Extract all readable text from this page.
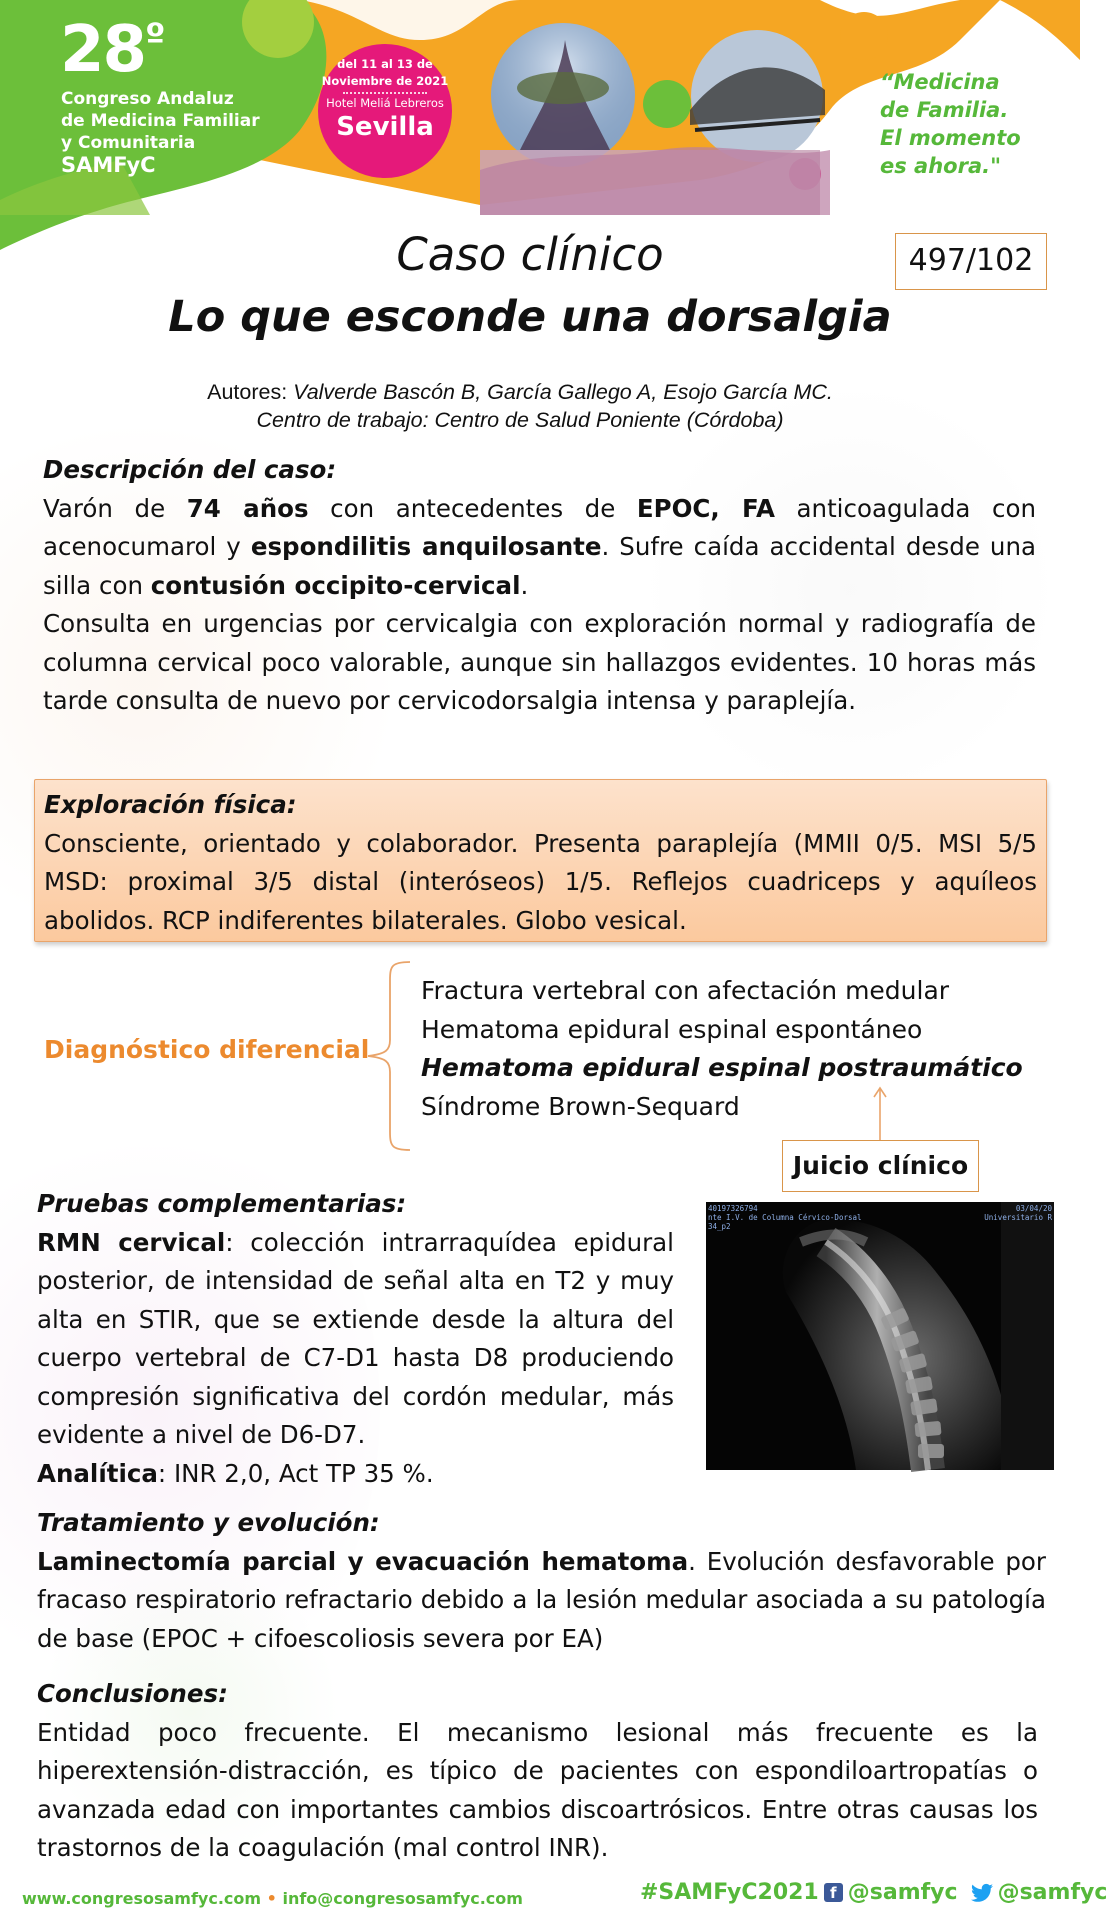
$28^º$
Congreso Andaluz
de Medicina Familiar
y Comunitaria
SAMFyC
del 11 al 13 de
Noviembre de 2021
Hotel Meliá Lebreros
Sevilla
“Medicina
de Familia.
El momento
es ahora."
Caso clínico
Lo que esconde una dorsalgia
497/102
Autores: Valverde Bascón B, García Gallego A, Esojo García MC.
Centro de trabajo: Centro de Salud Poniente (Córdoba)
Descripción del caso:

Varón de 74 años con antecedentes de EPOC, FA anticoagulada con acenocumarol y espondilitis anquilosante. Sufre caída accidental desde una silla con contusión occipito-cervical.

Consulta en urgencias por cervicalgia con exploración normal y radiografía de columna cervical poco valorable, aunque sin hallazgos evidentes. 10 horas más tarde consulta de nuevo por cervicodorsalgia intensa y paraplejía.

Exploración física:
Consciente, orientado y colaborador. Presenta paraplejía (MMII 0/5. MSI 5/5 MSD: proximal 3/5 distal (interóseos) 1/5. Reflejos cuadriceps y aquíleos abolidos. RCP indiferentes bilaterales. Globo vesical.
Diagnóstico diferencial
Fractura vertebral con afectación medular
Hematoma epidural espinal espontáneo
Hematoma epidural espinal postraumático
Síndrome Brown-Sequard
Juicio clínico
Pruebas complementarias:

RMN cervical: colección intrarraquídea epidural posterior, de intensidad de señal alta en T2 y muy alta en STIR, que se extiende desde la altura del cuerpo vertebral de C7-D1 hasta D8 produciendo compresión significativa del cordón medular, más evidente a nivel de D6-D7.

Analítica: INR 2,0, Act TP 35 %.

40197326794
nte I.V. de Columna Cérvico-Dorsal
34_p2
03/04/20
Universitario R
Tratamiento y evolución:

Laminectomía parcial y evacuación hematoma. Evolución desfavorable por fracaso respiratorio refractario debido a la lesión medular asociada a su patología de base (EPOC + cifoescoliosis severa por EA)

Conclusiones:

Entidad poco frecuente. El mecanismo lesional más frecuente es la hiperextensión-distracción, es típico de pacientes con espondiloartropatías o avanzada edad con importantes cambios discoartrósicos. Entre otras causas los trastornos de la coagulación (mal control INR).

www.congresosamfyc.com • info@congresosamfyc.com	#SAMFyC2021 f @samfyc @samfyc
